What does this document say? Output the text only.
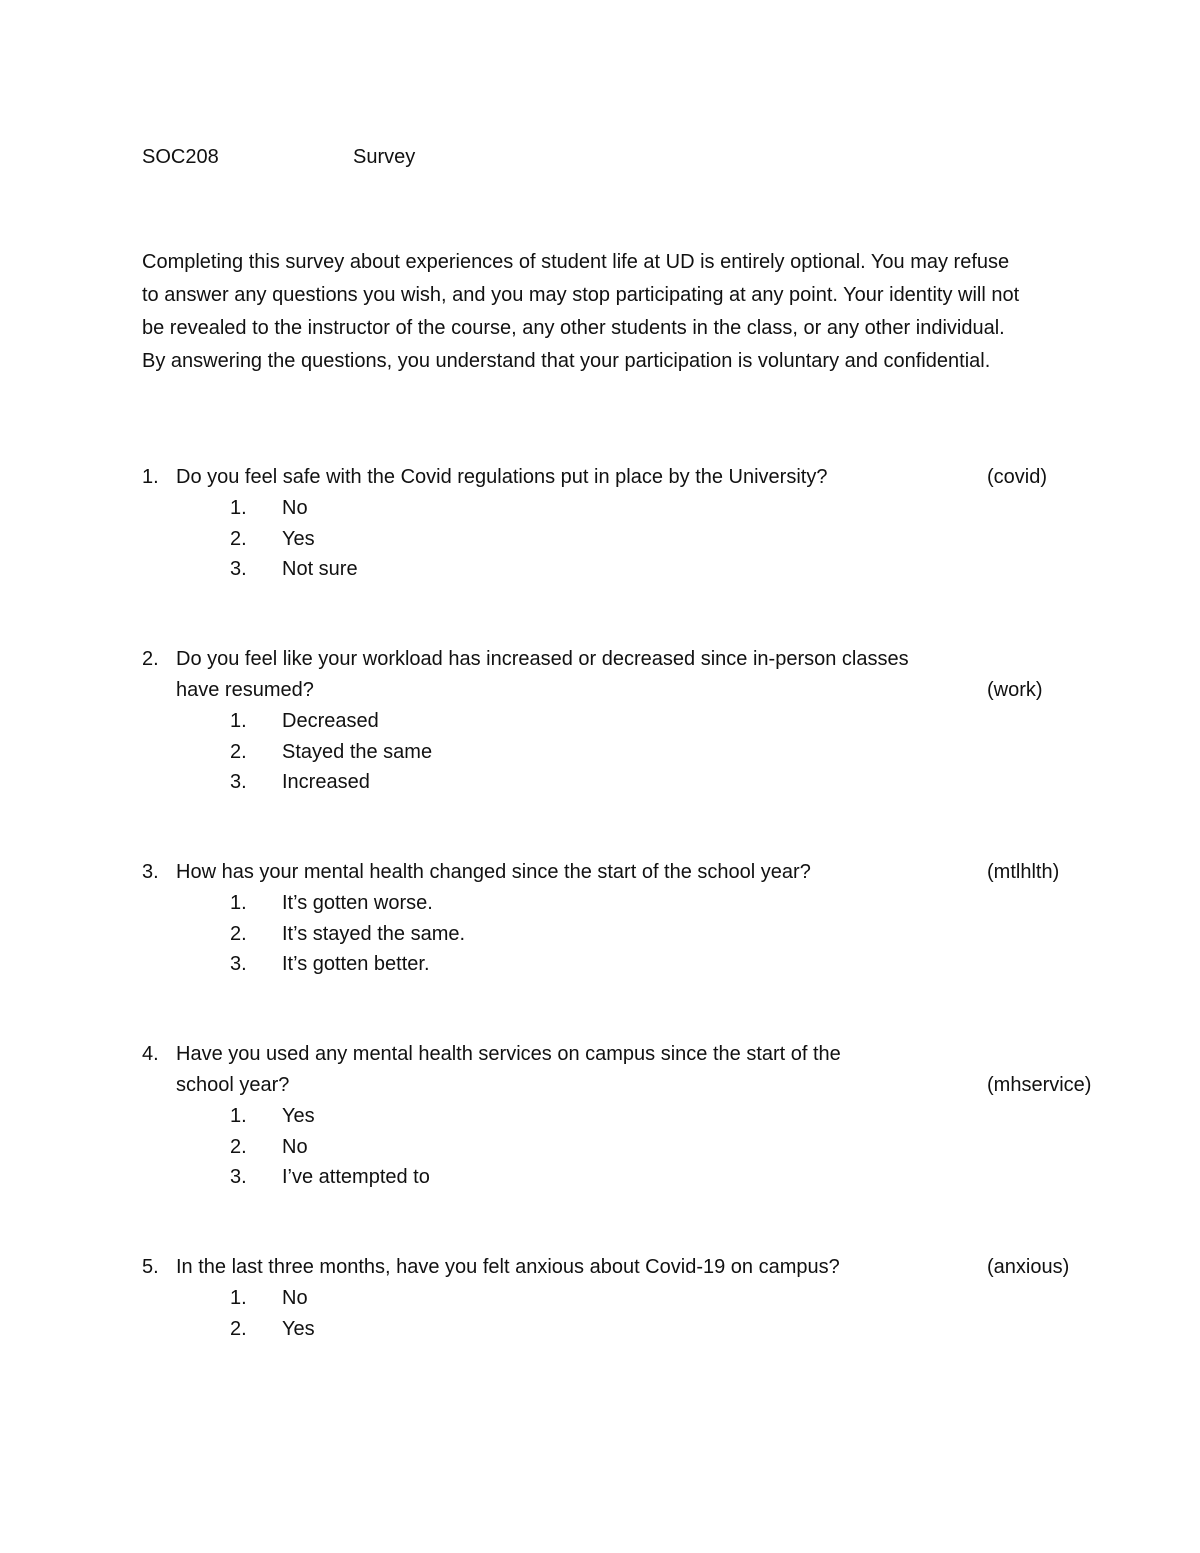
SOC208	Survey
Completing this survey about experiences of student life at UD is entirely optional. You may refuse
to answer any questions you wish, and you may stop participating at any point. Your identity will not
be revealed to the instructor of the course, any other students in the class, or any other individual.
By answering the questions, you understand that your participation is voluntary and confidential.
1. Do you feel safe with the Covid regulations put in place by the University?	(covid)
1. No
2. Yes
3. Not sure
2. Do you feel like your workload has increased or decreased since in-person classes
have resumed?	(work)
1. Decreased
2. Stayed the same
3. Increased
3. How has your mental health changed since the start of the school year?	(mtlhlth)
1. It’s gotten worse.
2. It’s stayed the same.
3. It’s gotten better.
4. Have you used any mental health services on campus since the start of the
school year?	(mhservice)
1. Yes
2. No
3. I’ve attempted to
5. In the last three months, have you felt anxious about Covid-19 on campus?	(anxious)
1. No
2. Yes
